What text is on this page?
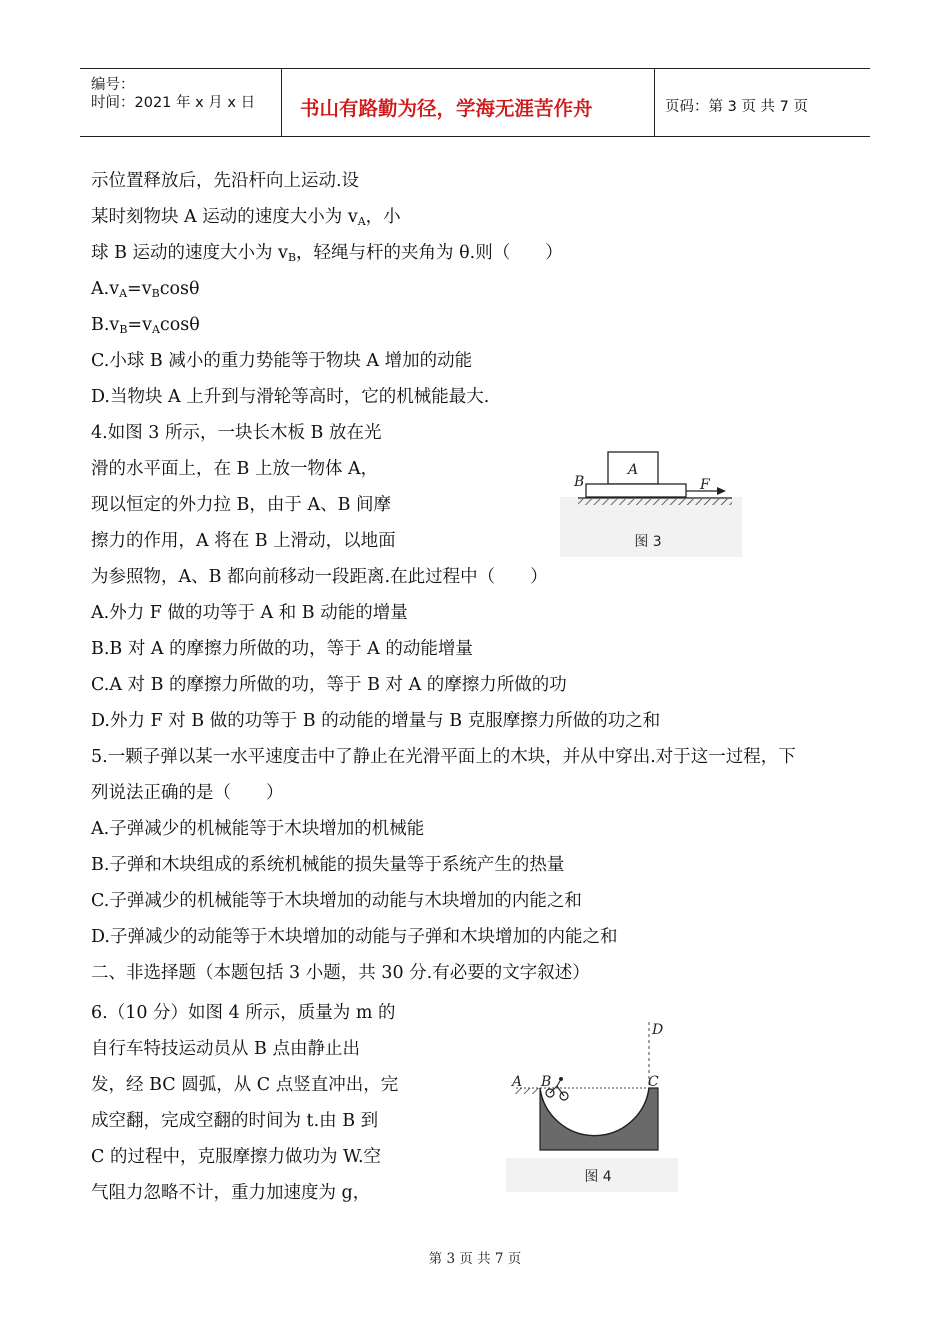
编号：
时间：2021 年 x 月 x 日 书山有路勤为径，学海无涯苦作舟	页码：第 3 页 共 7 页
示位置释放后，先沿杆向上运动.设
某时刻物块 A 运动的速度大小为 $v_A$，小
球 B 运动的速度大小为 $v_B$，轻绳与杆的夹角为 θ.则（　　）
$A.v_A=v_B\cos\theta$
$B.v_B=v_A\cos\theta$
C.小球 B 减小的重力势能等于物块 A 增加的动能
D.当物块 A 上升到与滑轮等高时，它的机械能最大.
4.如图 3 所示，一块长木板 B 放在光
滑的水平面上，在 B 上放一物体 A，
现以恒定的外力拉 B，由于 A、B 间摩
擦力的作用，A 将在 B 上滑动，以地面
为参照物，A、B 都向前移动一段距离.在此过程中（　　）
A.外力 F 做的功等于 A 和 B 动能的增量
B.B 对 A 的摩擦力所做的功，等于 A 的动能增量
C.A 对 B 的摩擦力所做的功，等于 B 对 A 的摩擦力所做的功
D.外力 F 对 B 做的功等于 B 的动能的增量与 B 克服摩擦力所做的功之和
5.一颗子弹以某一水平速度击中了静止在光滑平面上的木块，并从中穿出.对于这一过程，下
列说法正确的是（　　）
A.子弹减少的机械能等于木块增加的机械能
B.子弹和木块组成的系统机械能的损失量等于系统产生的热量
C.子弹减少的机械能等于木块增加的动能与木块增加的内能之和
D.子弹减少的动能等于木块增加的动能与子弹和木块增加的内能之和
二、非选择题（本题包括 3 小题，共 30 分.有必要的文字叙述）
6.（10 分）如图 4 所示，质量为 m 的
自行车特技运动员从 B 点由静止出
发，经 BC 圆弧，从 C 点竖直冲出，完
成空翻，完成空翻的时间为 t.由 B 到
C 的过程中，克服摩擦力做功为 W.空
气阻力忽略不计，重力加速度为 g，
A
B	F
图 3
A B	C
D
图 4
第 3 页 共 7 页
